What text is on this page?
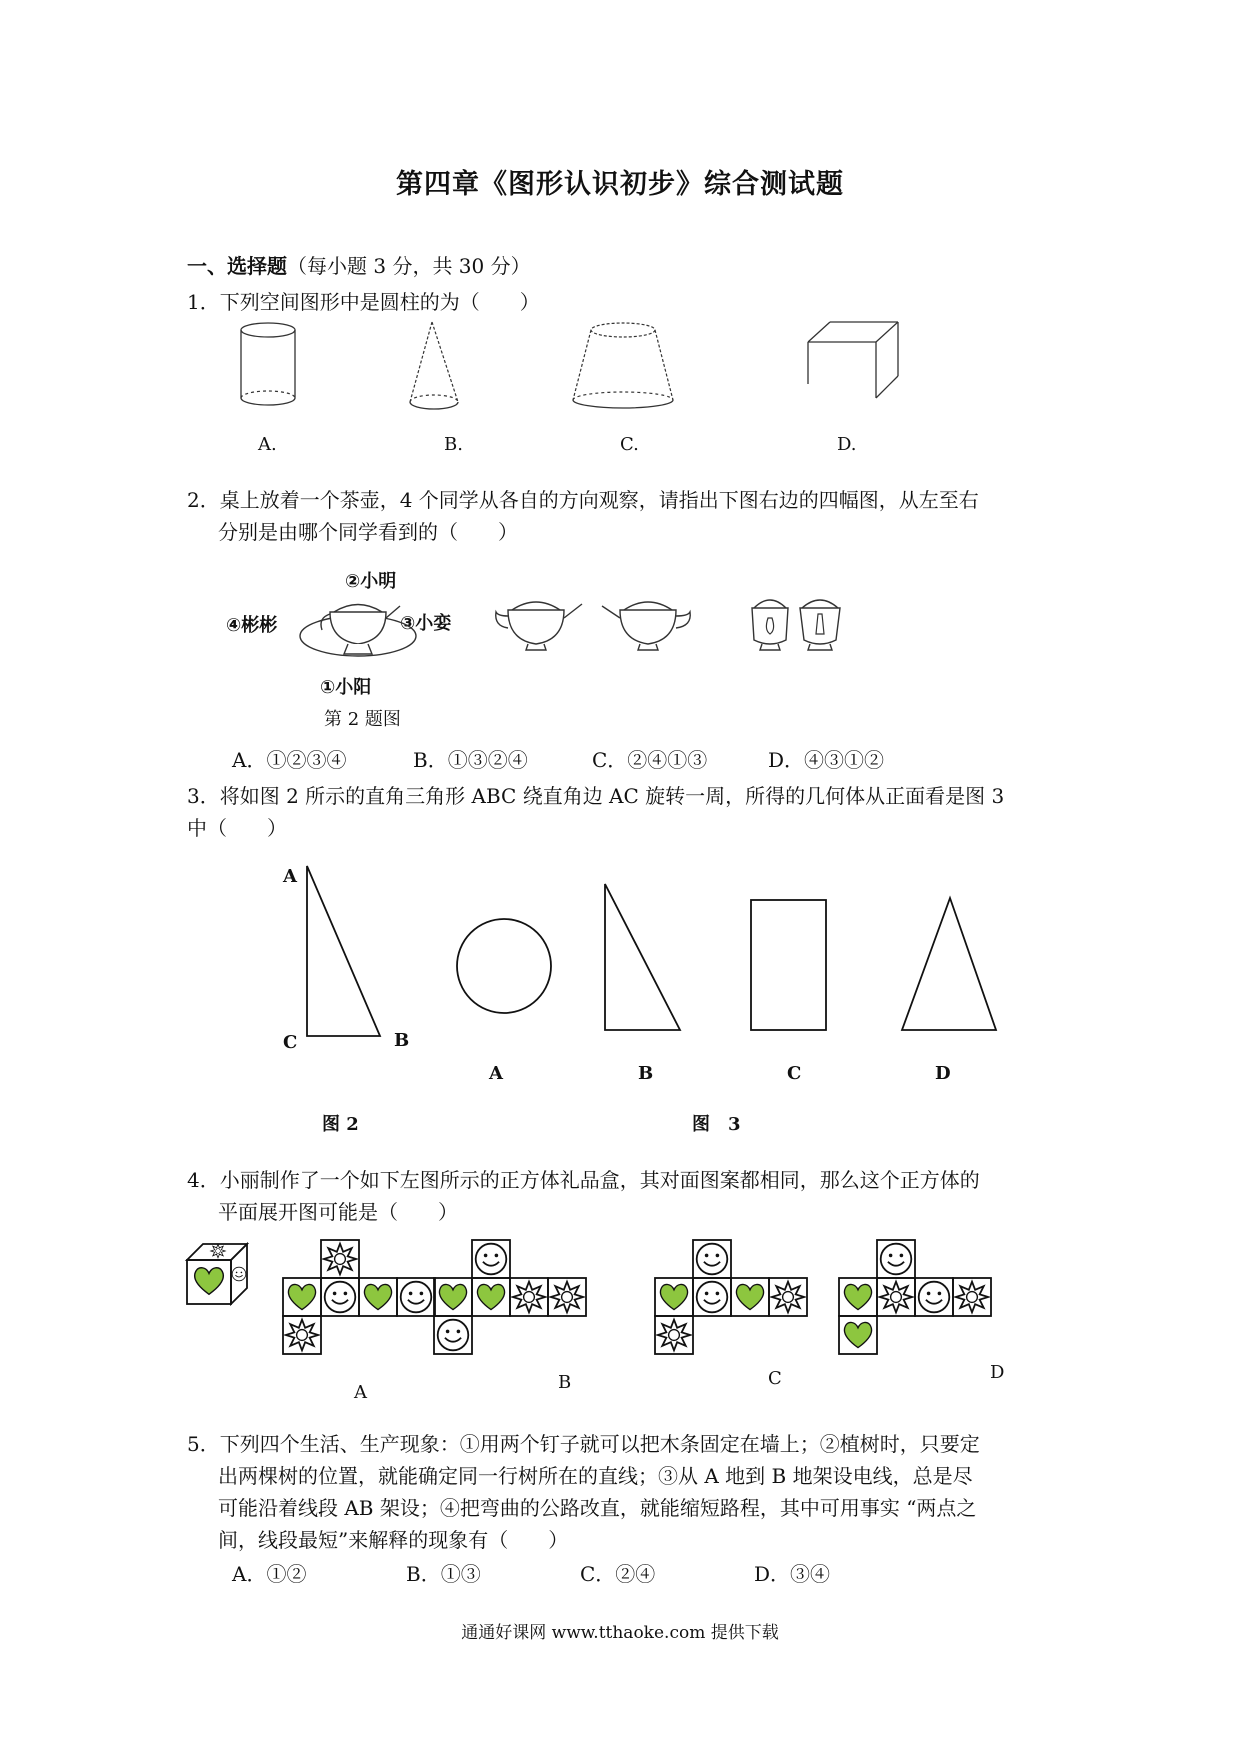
第四章《图形认识初步》综合测试题
一、选择题（每小题 3 分，共 30 分）
1．下列空间图形中是圆柱的为（　　）
A.	B.	C.	D.
2．桌上放着一个茶壶，4 个同学从各自的方向观察，请指出下图右边的四幅图，从左至右
分别是由哪个同学看到的（　　）
②小明
④彬彬	③小娈
①小阳
第 2 题图
A．①②③④	B．①③②④	C．②④①③	D．④③①②
3．将如图 2 所示的直角三角形 ABC 绕直角边 AC 旋转一周，所得的几何体从正面看是图 3
中（　　）
A
C	B
A	B	C	D
图 2	图　3
4．小丽制作了一个如下左图所示的正方体礼品盒，其对面图案都相同，那么这个正方体的
平面展开图可能是（　　）
A	B	C	D
5．下列四个生活、生产现象：①用两个钉子就可以把木条固定在墙上；②植树时，只要定
出两棵树的位置，就能确定同一行树所在的直线；③从 A 地到 B 地架设电线，总是尽
可能沿着线段 AB 架设；④把弯曲的公路改直，就能缩短路程，其中可用事实 “两点之
间，线段最短”来解释的现象有（　　）
A．①②	B．①③	C．②④	D．③④
通通好课网 www.tthaoke.com 提供下载
